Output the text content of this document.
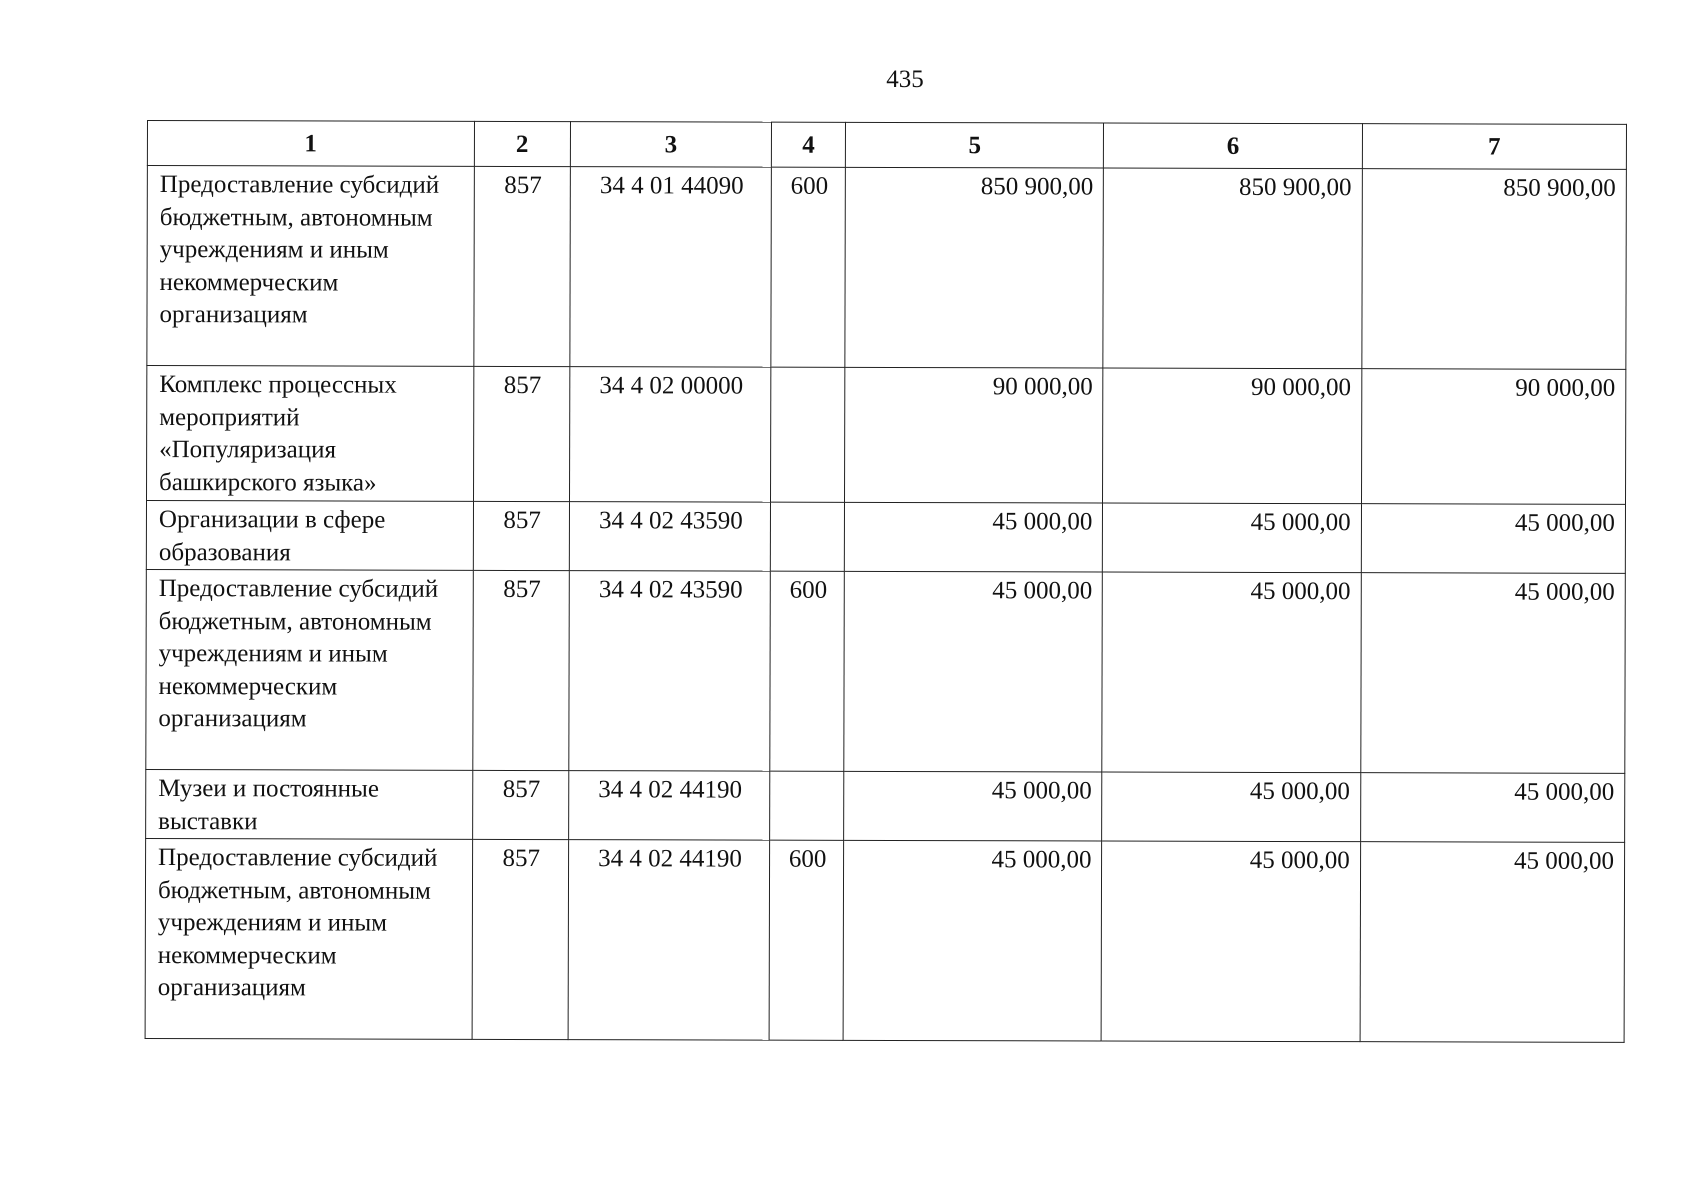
435
1	2	3	4	5	6	7
Предоставление субсидий бюджетным, автономным учреждениям и иным некоммерческим организациям	857	34 4 01 44090	600	850 900,00	850 900,00	850 900,00
Комплекс процессных мероприятий «Популяризация башкирского языка»	857	34 4 02 00000		90 000,00	90 000,00	90 000,00
Организации в сфере образования	857	34 4 02 43590		45 000,00	45 000,00	45 000,00
Предоставление субсидий бюджетным, автономным учреждениям и иным некоммерческим организациям	857	34 4 02 43590	600	45 000,00	45 000,00	45 000,00
Музеи и постоянные выставки	857	34 4 02 44190		45 000,00	45 000,00	45 000,00
Предоставление субсидий бюджетным, автономным учреждениям и иным некоммерческим организациям	857	34 4 02 44190	600	45 000,00	45 000,00	45 000,00
